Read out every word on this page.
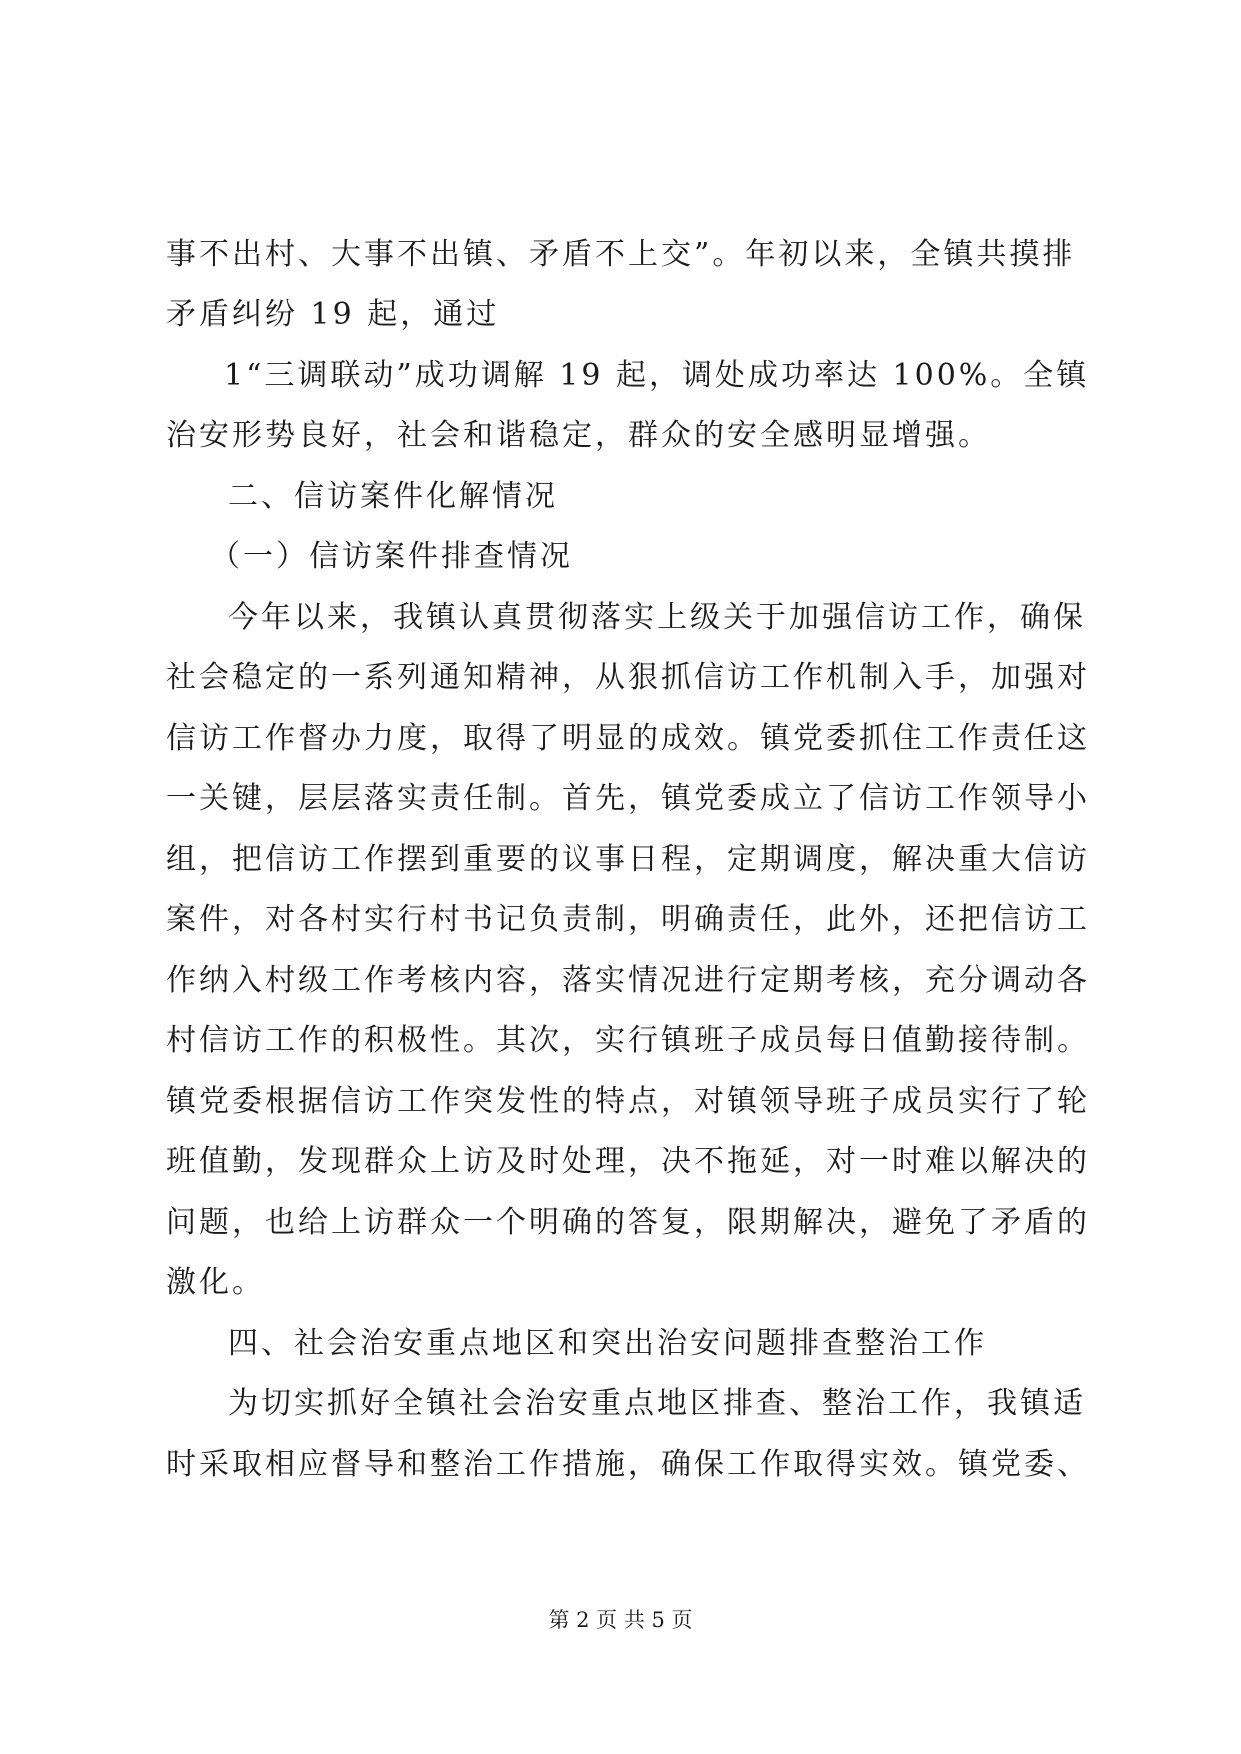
事不出村、大事不出镇、矛盾不上交”。年初以来，全镇共摸排
矛盾纠纷 19 起，通过
1“三调联动”成功调解 19 起，调处成功率达 100%。全镇
治安形势良好，社会和谐稳定，群众的安全感明显增强。
二、信访案件化解情况
（一）信访案件排查情况
今年以来，我镇认真贯彻落实上级关于加强信访工作，确保
社会稳定的一系列通知精神，从狠抓信访工作机制入手，加强对
信访工作督办力度，取得了明显的成效。镇党委抓住工作责任这
一关键，层层落实责任制。首先，镇党委成立了信访工作领导小
组，把信访工作摆到重要的议事日程，定期调度，解决重大信访
案件，对各村实行村书记负责制，明确责任，此外，还把信访工
作纳入村级工作考核内容，落实情况进行定期考核，充分调动各
村信访工作的积极性。其次，实行镇班子成员每日值勤接待制。
镇党委根据信访工作突发性的特点，对镇领导班子成员实行了轮
班值勤，发现群众上访及时处理，决不拖延，对一时难以解决的
问题，也给上访群众一个明确的答复，限期解决，避免了矛盾的
激化。
四、社会治安重点地区和突出治安问题排查整治工作
为切实抓好全镇社会治安重点地区排查、整治工作，我镇适
时采取相应督导和整治工作措施，确保工作取得实效。镇党委、
第 2 页 共 5 页
